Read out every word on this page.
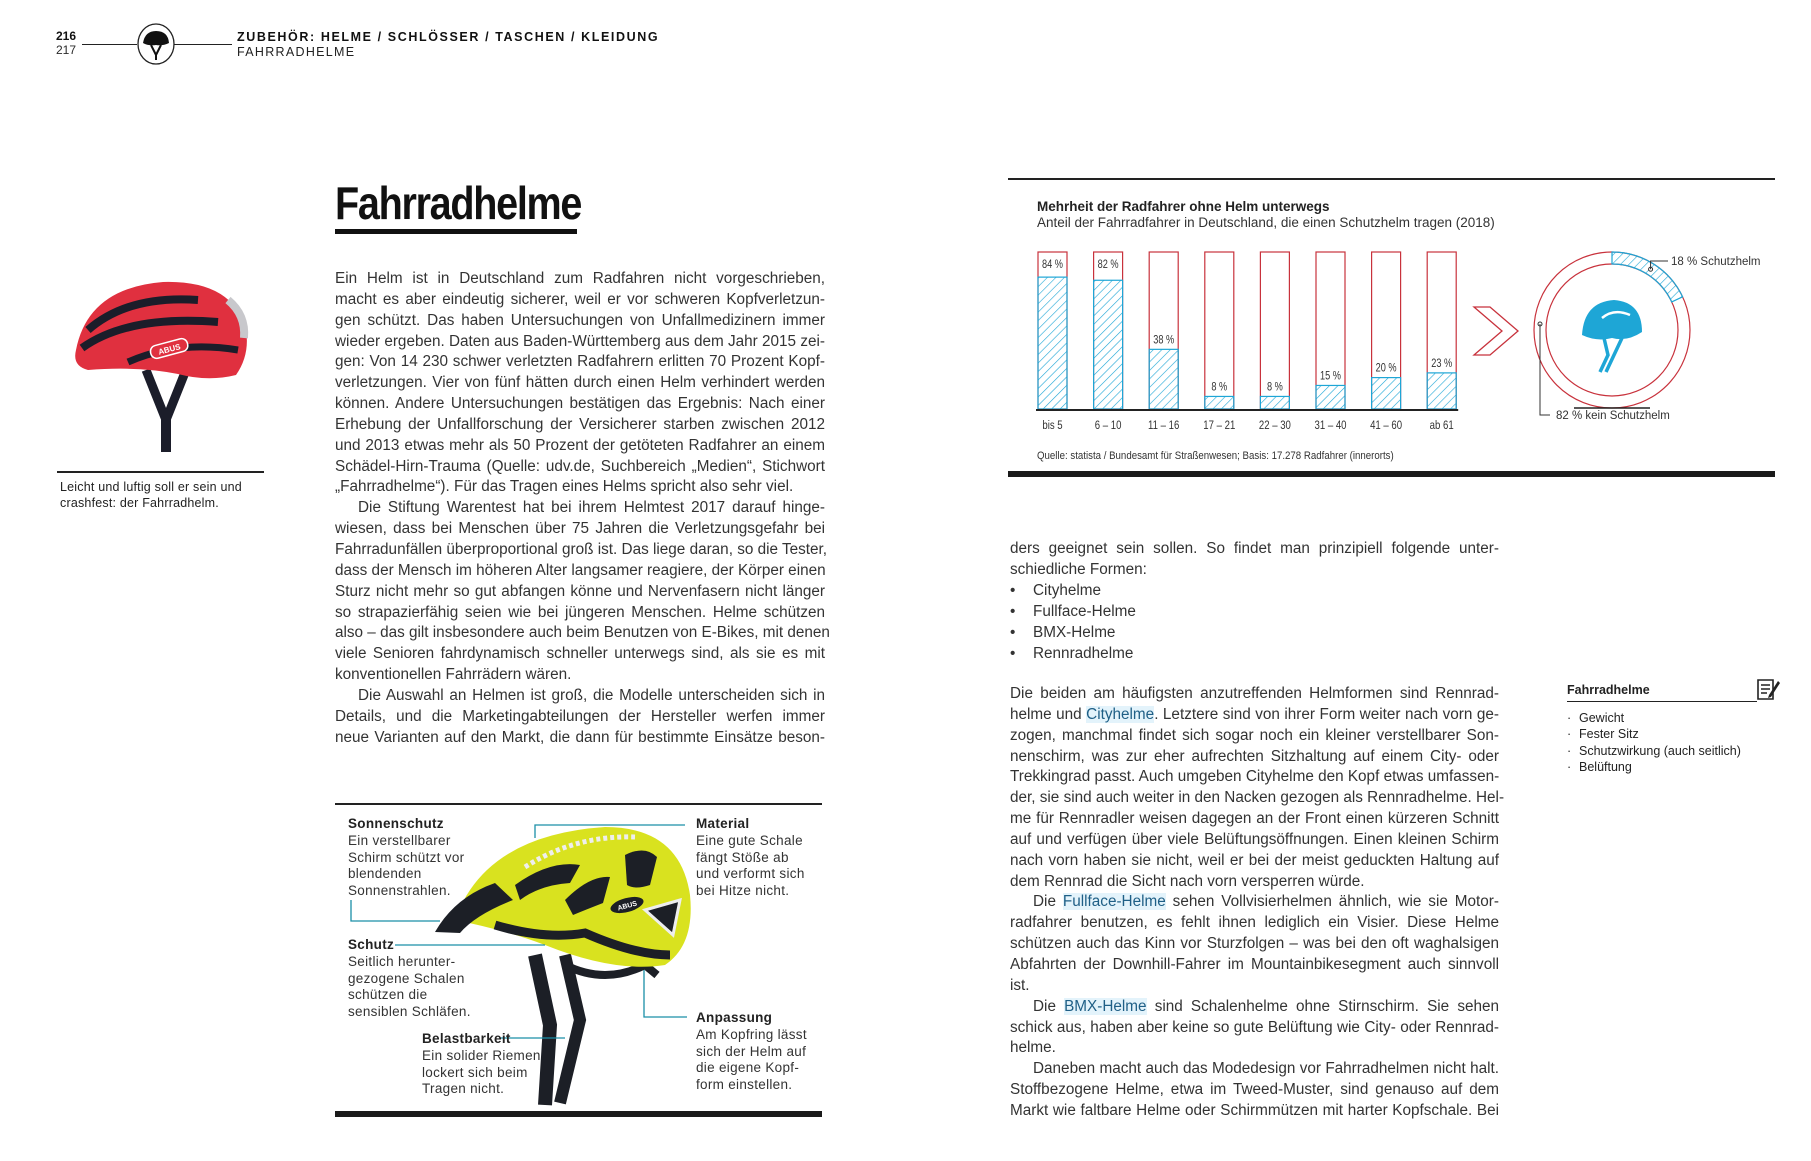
216
217
ZUBEHÖR: HELME / SCHLÖSSER / TASCHEN / KLEIDUNG
FAHRRADHELME
Fahrradhelme
ABUS
Leicht und luftig soll er sein und crashfest: der Fahrradhelm.
Ein Helm ist in Deutschland zum Radfahren nicht vorgeschrieben,
macht es aber eindeutig sicherer, weil er vor schweren Kopfverletzun-
gen schützt. Das haben Untersuchungen von Unfallmedizinern immer
wieder ergeben. Daten aus Baden-Württemberg aus dem Jahr 2015 zei-
gen: Von 14 230 schwer verletzten Radfahrern erlitten 70 Prozent Kopf-
verletzungen. Vier von fünf hätten durch einen Helm verhindert werden
können. Andere Untersuchungen bestätigen das Ergebnis: Nach einer
Erhebung der Unfallforschung der Versicherer starben zwischen 2012
und 2013 etwas mehr als 50 Prozent der getöteten Radfahrer an einem
Schädel-Hirn-Trauma (Quelle: udv.de, Suchbereich „Medien“, Stichwort
„Fahrradhelme“). Für das Tragen eines Helms spricht also sehr viel.
Die Stiftung Warentest hat bei ihrem Helmtest 2017 darauf hinge-
wiesen, dass bei Menschen über 75 Jahren die Verletzungsgefahr bei
Fahrradunfällen überproportional groß ist. Das liege daran, so die Tester,
dass der Mensch im höheren Alter langsamer reagiere, der Körper einen
Sturz nicht mehr so gut abfangen könne und Nervenfasern nicht länger
so strapazierfähig seien wie bei jüngeren Menschen. Helme schützen
also – das gilt insbesondere auch beim Benutzen von E-Bikes, mit denen
viele Senioren fahrdynamisch schneller unterwegs sind, als sie es mit
konventionellen Fahrrädern wären.
Die Auswahl an Helmen ist groß, die Modelle unterscheiden sich in
Details, und die Marketingabteilungen der Hersteller werfen immer
neue Varianten auf den Markt, die dann für bestimmte Einsätze beson-
ders geeignet sein sollen. So findet man prinzipiell folgende unter-
schiedliche Formen:
• Cityhelme
• Fullface-Helme
• BMX-Helme
• Rennradhelme
Die beiden am häufigsten anzutreffenden Helmformen sind Rennrad-
helme und Cityhelme. Letztere sind von ihrer Form weiter nach vorn ge-
zogen, manchmal findet sich sogar noch ein kleiner verstellbarer Son-
nenschirm, was zur eher aufrechten Sitzhaltung auf einem City- oder
Trekkingrad passt. Auch umgeben Cityhelme den Kopf etwas umfassen-
der, sie sind auch weiter in den Nacken gezogen als Rennradhelme. Hel-
me für Rennradler weisen dagegen an der Front einen kürzeren Schnitt
auf und verfügen über viele Belüftungsöffnungen. Einen kleinen Schirm
nach vorn haben sie nicht, weil er bei der meist geduckten Haltung auf
dem Rennrad die Sicht nach vorn versperren würde.
Die Fullface-Helme sehen Vollvisierhelmen ähnlich, wie sie Motor-
radfahrer benutzen, es fehlt ihnen lediglich ein Visier. Diese Helme
schützen auch das Kinn vor Sturzfolgen – was bei den oft waghalsigen
Abfahrten der Downhill-Fahrer im Mountainbikesegment auch sinnvoll
ist.
Die BMX-Helme sind Schalenhelme ohne Stirnschirm. Sie sehen
schick aus, haben aber keine so gute Belüftung wie City- oder Rennrad-
helme.
Daneben macht auch das Modedesign vor Fahrradhelmen nicht halt.
Stoffbezogene Helme, etwa im Tweed-Muster, sind genauso auf dem
Markt wie faltbare Helme oder Schirmmützen mit harter Kopfschale. Bei
Fahrradhelme
· Gewicht
· Fester Sitz
· Schutzwirkung (auch seitlich)
· Belüftung
Mehrheit der Radfahrer ohne Helm unterwegs
Anteil der Fahrradfahrer in Deutschland, die einen Schutzhelm tragen (2018)
84 %
bis 5
82 %
6 – 10
38 %
11 – 16
8 %
17 – 21
8 %
22 – 30
15 %
31 – 40
20 %
41 – 60
23 %
ab 61
18 % Schutzhelm
82 % kein Schutzhelm
Quelle: statista / Bundesamt für Straßenwesen; Basis: 17.278 Radfahrer (innerorts)
ABUS
Sonnenschutz
Ein verstellbarer
Schirm schützt vor
blendenden
Sonnenstrahlen.
Schutz
Seitlich herunter-
gezogene Schalen
schützen die
sensiblen Schläfen.
Belastbarkeit
Ein solider Riemen
lockert sich beim
Tragen nicht.
Material
Eine gute Schale
fängt Stöße ab
und verformt sich
bei Hitze nicht.
Anpassung
Am Kopfring lässt
sich der Helm auf
die eigene Kopf-
form einstellen.
